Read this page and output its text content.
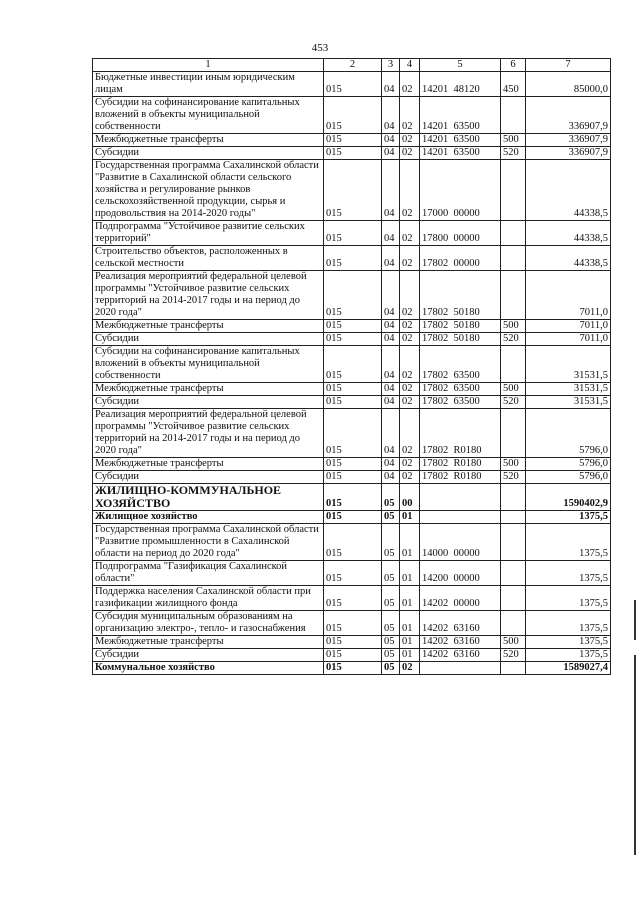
453
1	2	3	4	5	6	7
Бюджетные инвестиции иным юридическим лицам	015	04	02	14201  48120	450	85000,0
Субсидии на софинансирование капитальных вложений в объекты муниципальной собственности	015	04	02	14201  63500		336907,9
Межбюджетные трансферты	015	04	02	14201  63500	500	336907,9
Субсидии	015	04	02	14201  63500	520	336907,9
Государственная программа Сахалинской области "Развитие в Сахалинской области сельского хозяйства и регулирование рынков сельскохозяйственной продукции, сырья и продовольствия на 2014-2020 годы"	015	04	02	17000  00000		44338,5
Подпрограмма "Устойчивое развитие сельских территорий"	015	04	02	17800  00000		44338,5
Строительство объектов, расположенных в сельской местности	015	04	02	17802  00000		44338,5
Реализация мероприятий федеральной целевой программы "Устойчивое развитие сельских территорий на 2014-2017 годы и на период до 2020 года"	015	04	02	17802  50180		7011,0
Межбюджетные трансферты	015	04	02	17802  50180	500	7011,0
Субсидии	015	04	02	17802  50180	520	7011,0
Субсидии на софинансирование капитальных вложений в объекты муниципальной собственности	015	04	02	17802  63500		31531,5
Межбюджетные трансферты	015	04	02	17802  63500	500	31531,5
Субсидии	015	04	02	17802  63500	520	31531,5
Реализация мероприятий федеральной целевой программы "Устойчивое развитие сельских территорий на 2014-2017 годы и на период до 2020 года"	015	04	02	17802  R0180		5796,0
Межбюджетные трансферты	015	04	02	17802  R0180	500	5796,0
Субсидии	015	04	02	17802  R0180	520	5796,0
ЖИЛИЩНО-КОММУНАЛЬНОЕ ХОЗЯЙСТВО	015	05	00			1590402,9
Жилищное хозяйство	015	05	01			1375,5
Государственная программа Сахалинской области "Развитие промышленности в Сахалинской области на период до 2020 года"	015	05	01	14000  00000		1375,5
Подпрограмма "Газификация Сахалинской области"	015	05	01	14200  00000		1375,5
Поддержка населения Сахалинской области при газификации жилищного фонда	015	05	01	14202  00000		1375,5
Субсидия муниципальным образованиям на организацию электро-, тепло- и газоснабжения	015	05	01	14202  63160		1375,5
Межбюджетные трансферты	015	05	01	14202  63160	500	1375,5
Субсидии	015	05	01	14202  63160	520	1375,5
Коммунальное хозяйство	015	05	02			1589027,4
